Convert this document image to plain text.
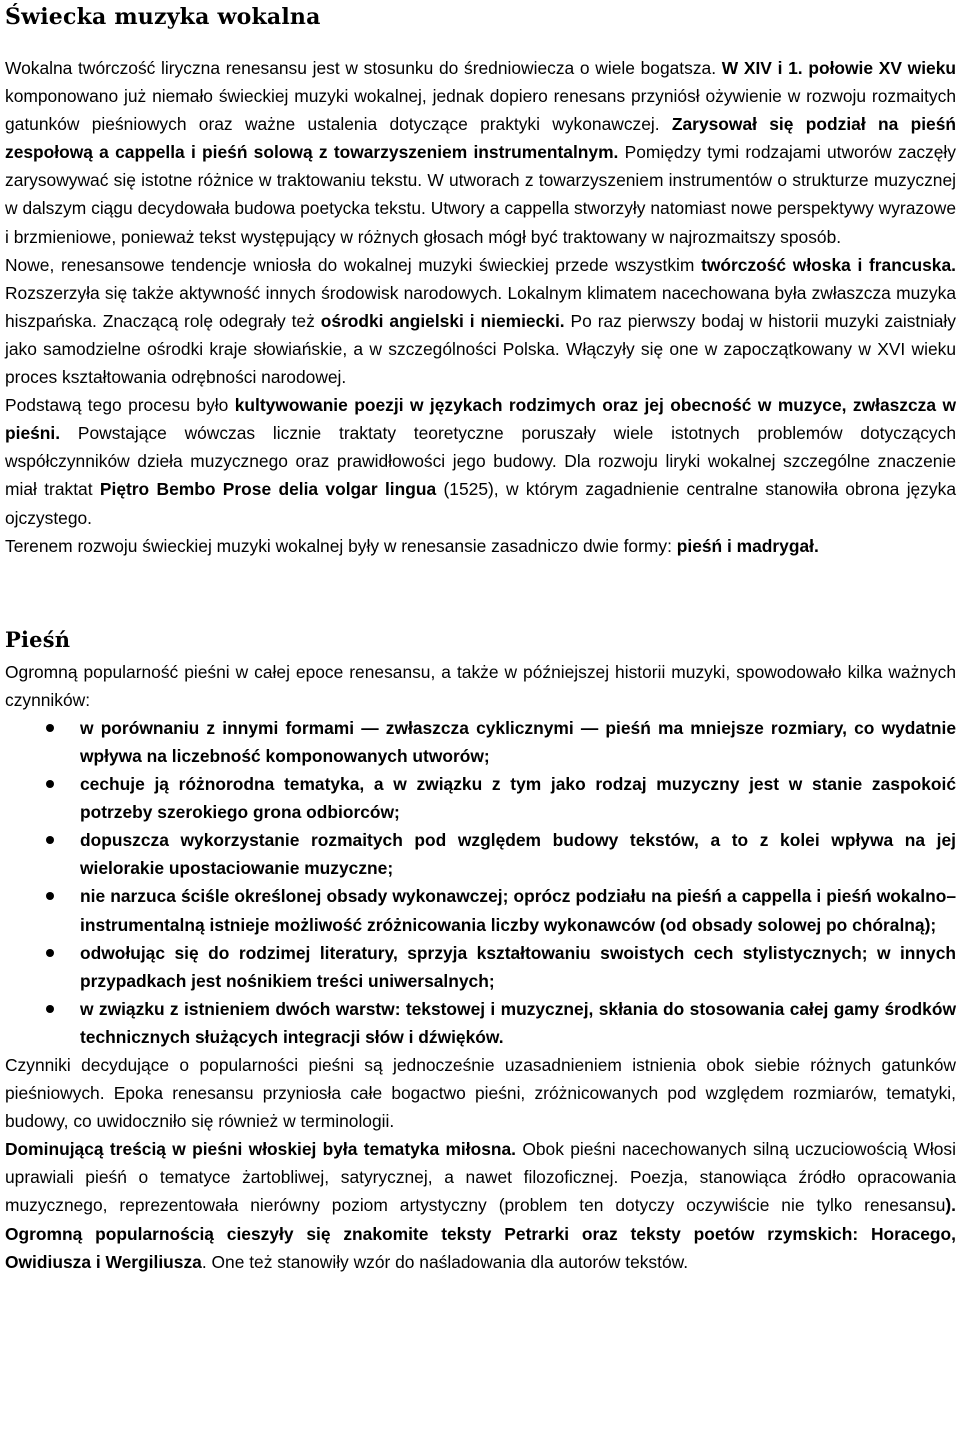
Świecka muzyka wokalna

Wokalna twórczość liryczna renesansu jest w stosunku do średniowiecza o wiele bogatsza. W XIV i 1. połowie XV wieku komponowano już niemało świeckiej muzyki wokalnej, jednak dopiero renesans przyniósł ożywienie w rozwoju rozmaitych gatunków pieśniowych oraz ważne ustalenia dotyczące praktyki wykonawczej. Zarysował się podział na pieśń zespołową a cappella i pieśń solową z towarzyszeniem instrumentalnym. Pomiędzy tymi rodzajami utworów zaczęły zarysowywać się istotne różnice w traktowaniu tekstu. W utworach z towarzyszeniem instrumentów o strukturze muzycznej w dalszym ciągu decydowała budowa poetycka tekstu. Utwory a cappella stworzyły natomiast nowe perspektywy wyrazowe i brzmieniowe, ponieważ tekst występujący w różnych głosach mógł być traktowany w najrozmaitszy sposób.

Nowe, renesansowe tendencje wniosła do wokalnej muzyki świeckiej przede wszystkim twórczość włoska i francuska. Rozszerzyła się także aktywność innych środowisk narodowych. Lokalnym klimatem nacechowana była zwłaszcza muzyka hiszpańska. Znaczącą rolę odegrały też ośrodki angielski i niemiecki. Po raz pierwszy bodaj w historii muzyki zaistniały jako samodzielne ośrodki kraje słowiańskie, a w szczególności Polska. Włączyły się one w zapoczątkowany w XVI wieku proces kształtowania odrębności narodowej.

Podstawą tego procesu było kultywowanie poezji w językach rodzimych oraz jej obecność w muzyce, zwłaszcza w pieśni. Powstające wówczas licznie traktaty teoretyczne poruszały wiele istotnych problemów dotyczących współczynników dzieła muzycznego oraz prawidłowości jego budowy. Dla rozwoju liryki wokalnej szczególne znaczenie miał traktat Piętro Bembo Prose delia volgar lingua (1525), w którym zagadnienie centralne stanowiła obrona języka ojczystego.

Terenem rozwoju świeckiej muzyki wokalnej były w renesansie zasadniczo dwie formy: pieśń i madrygał.

Pieśń

Ogromną popularność pieśni w całej epoce renesansu, a także w późniejszej historii muzyki, spowodowało kilka ważnych czynników:

w porównaniu z innymi formami — zwłaszcza cyklicznymi — pieśń ma mniejsze rozmiary, co wydatnie wpływa na liczebność komponowanych utworów;
cechuje ją różnorodna tematyka, a w związku z tym jako rodzaj muzyczny jest w stanie zaspokoić potrzeby szerokiego grona odbiorców;
dopuszcza wykorzystanie rozmaitych pod względem budowy tekstów, a to z kolei wpływa na jej wielorakie upostaciowanie muzyczne;
nie narzuca ściśle określonej obsady wykonawczej; oprócz podziału na pieśń a cappella i pieśń wokalno–instrumentalną istnieje możliwość zróżnicowania liczby wykonawców (od obsady solowej po chóralną);
odwołując się do rodzimej literatury, sprzyja kształtowaniu swoistych cech stylistycznych; w innych przypadkach jest nośnikiem treści uniwersalnych;
w związku z istnieniem dwóch warstw: tekstowej i muzycznej, skłania do stosowania całej gamy środków technicznych służących integracji słów i dźwięków.

Czynniki decydujące o popularności pieśni są jednocześnie uzasadnieniem istnienia obok siebie różnych gatunków pieśniowych. Epoka renesansu przyniosła całe bogactwo pieśni, zróżnicowanych pod względem rozmiarów, tematyki, budowy, co uwidoczniło się również w terminologii.

Dominującą treścią w pieśni włoskiej była tematyka miłosna. Obok pieśni nacechowanych silną uczuciowością Włosi uprawiali pieśń o tematyce żartobliwej, satyrycznej, a nawet filozoficznej. Poezja, stanowiąca źródło opracowania muzycznego, reprezentowała nierówny poziom artystyczny (problem ten dotyczy oczywiście nie tylko renesansu). Ogromną popularnością cieszyły się znakomite teksty Petrarki oraz teksty poetów rzymskich: Horacego, Owidiusza i Wergiliusza. One też stanowiły wzór do naśladowania dla autorów tekstów.
